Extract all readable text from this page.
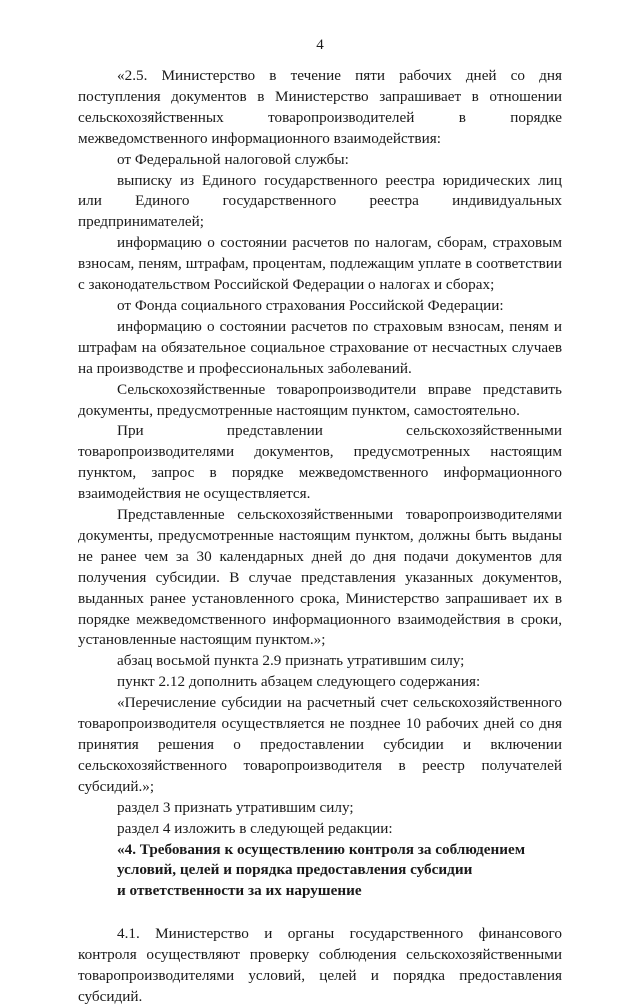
4

«2.5. Министерство в течение пяти рабочих дней со дня поступления документов в Министерство запрашивает в отношении сельскохозяйственных товаропроизводителей в порядке межведомственного информационного взаимодействия:

от Федеральной налоговой службы:

выписку из Единого государственного реестра юридических лиц или Единого государственного реестра индивидуальных предпринимателей;

информацию о состоянии расчетов по налогам, сборам, страховым взносам, пеням, штрафам, процентам, подлежащим уплате в соответствии с законодательством Российской Федерации о налогах и сборах;

от Фонда социального страхования Российской Федерации:

информацию о состоянии расчетов по страховым взносам, пеням и штрафам на обязательное социальное страхование от несчастных случаев на производстве и профессиональных заболеваний.

Сельскохозяйственные товаропроизводители вправе представить документы, предусмотренные настоящим пунктом, самостоятельно.

При представлении сельскохозяйственными товаропроизводителями документов, предусмотренных настоящим пунктом, запрос в порядке межведомственного информационного взаимодействия не осуществляется.

Представленные сельскохозяйственными товаропроизводителями документы, предусмотренные настоящим пунктом, должны быть выданы не ранее чем за 30 календарных дней до дня подачи документов для получения субсидии. В случае представления указанных документов, выданных ранее установленного срока, Министерство запрашивает их в порядке межведомственного информационного взаимодействия в сроки, установленные настоящим пунктом.»;

абзац восьмой пункта 2.9 признать утратившим силу;

пункт 2.12 дополнить абзацем следующего содержания:

«Перечисление субсидии на расчетный счет сельскохозяйственного товаропроизводителя осуществляется не позднее 10 рабочих дней со дня принятия решения о предоставлении субсидии и включении сельскохозяйственного товаропроизводителя в реестр получателей субсидий.»;

раздел 3 признать утратившим силу;

раздел 4 изложить в следующей редакции:

«4. Требования к осуществлению контроля за соблюдением

условий, целей и порядка предоставления субсидии

и ответственности за их нарушение

4.1. Министерство и органы государственного финансового контроля осуществляют проверку соблюдения сельскохозяйственными товаропроизводителями условий, целей и порядка предоставления субсидий.
